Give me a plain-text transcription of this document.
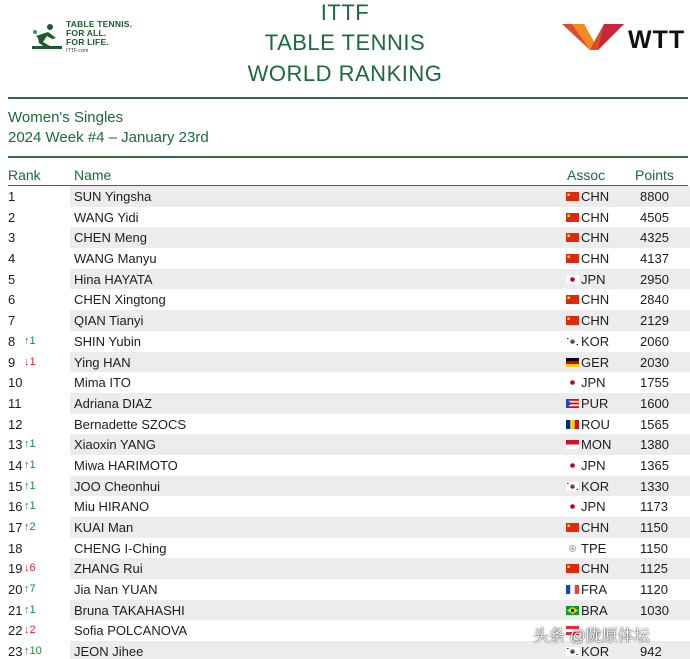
TABLE TENNIS.
FOR ALL.
FOR LIFE.
ITTF.com
ITTF
TABLE TENNIS
WORLD RANKING
WTT
Women's Singles
2024 Week #4 – January 23rd
Rank Name	Assoc Points
1	SUN Yingsha	CHN 8800
2	WANG Yidi	CHN 4505
3	CHEN Meng	CHN 4325
4	WANG Manyu	CHN 4137
5	Hina HAYATA	JPN	2950
6	CHEN Xingtong	CHN 2840
7	QIAN Tianyi	CHN 2129
8 ↑1	SHIN Yubin	KOR 2060
9 ↓1	Ying HAN	GER 2030
10	Mima ITO	JPN	1755
11	Adriana DIAZ	PUR 1600
12	Bernadette SZOCS	ROU 1565
13 ↑1	Xiaoxin YANG	MON 1380
14 ↑1	Miwa HARIMOTO	JPN	1365
15 ↑1	JOO Cheonhui	KOR 1330
16 ↑1	Miu HIRANO	JPN	1173
17 ↑2	KUAI Man	CHN 1150
18	CHENG I-Ching	TPE	1150
19 ↓6	ZHANG Rui	CHN 1125
20 ↑7	Jia Nan YUAN	FRA	1120
21 ↑1	Bruna TAKAHASHI	BRA 1030
22 ↓2	Sofia POLCANOVA
23 ↑10 JEON Jihee	KOR 942
头条 @陇原体坛
